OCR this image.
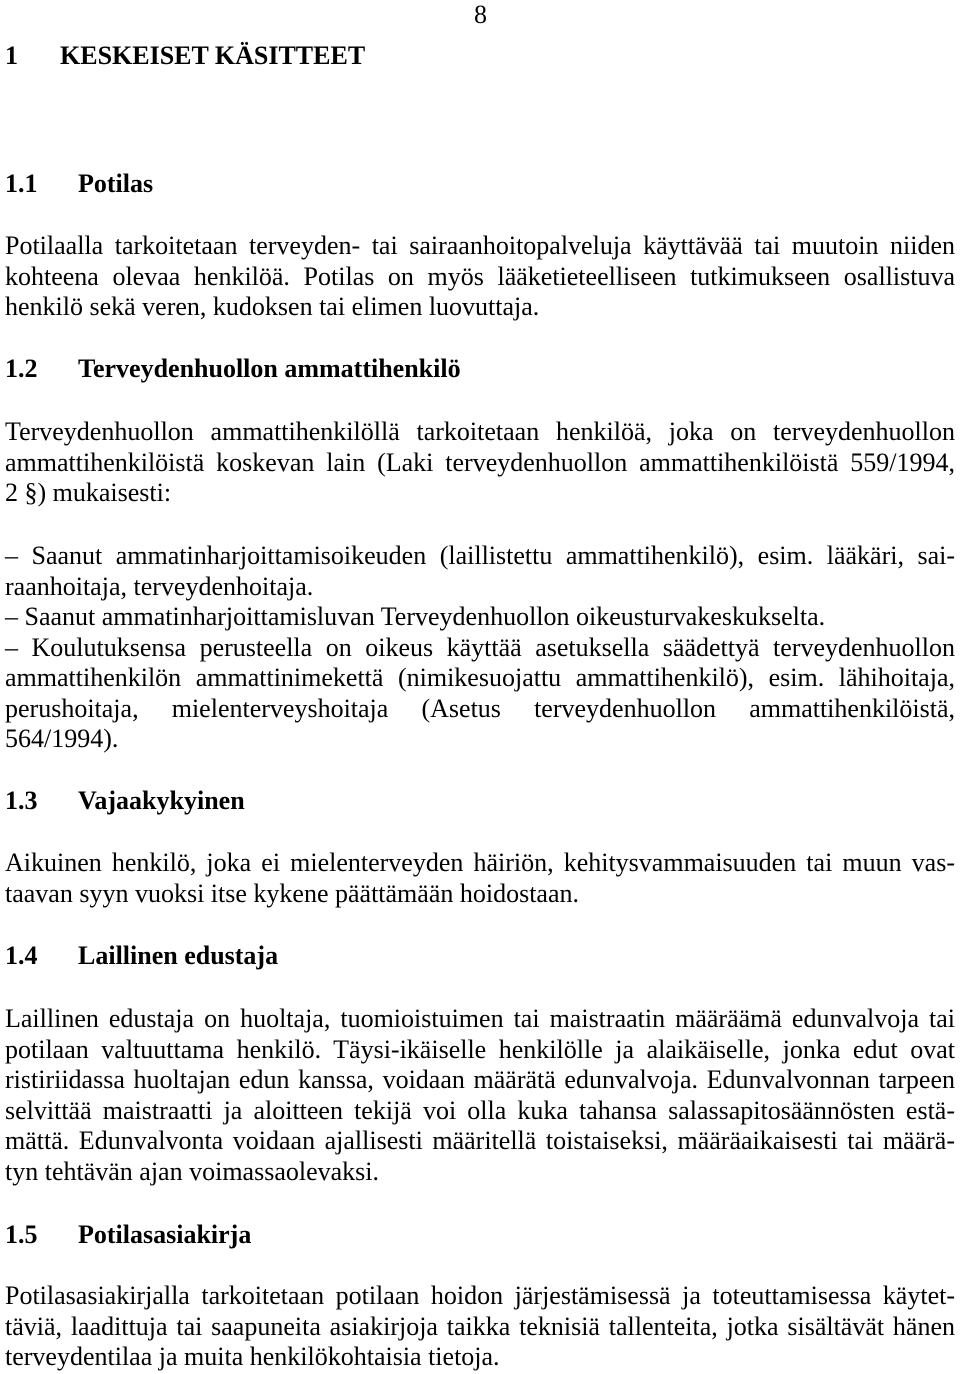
8
1 KESKEISET KÄSITTEET
1.1 Potilas
Potilaalla tarkoitetaan terveyden- tai sairaanhoitopalveluja käyttävää tai muutoin niiden
kohteena olevaa henkilöä. Potilas on myös lääketieteelliseen tutkimukseen osallistuva
henkilö sekä veren, kudoksen tai elimen luovuttaja.
1.2 Terveydenhuollon ammattihenkilö
Terveydenhuollon ammattihenkilöllä tarkoitetaan henkilöä, joka on terveydenhuollon
ammattihenkilöistä koskevan lain (Laki terveydenhuollon ammattihenkilöistä 559/1994,
2 §) mukaisesti:
– Saanut ammatinharjoittamisoikeuden (laillistettu ammattihenkilö), esim. lääkäri, sai-
raanhoitaja, terveydenhoitaja.
– Saanut ammatinharjoittamisluvan Terveydenhuollon oikeusturvakeskukselta.
– Koulutuksensa perusteella on oikeus käyttää asetuksella säädettyä terveydenhuollon
ammattihenkilön ammattinimekettä (nimikesuojattu ammattihenkilö), esim. lähihoitaja,
perushoitaja, mielenterveyshoitaja (Asetus terveydenhuollon ammattihenkilöistä,
564/1994).
1.3 Vajaakykyinen
Aikuinen henkilö, joka ei mielenterveyden häiriön, kehitysvammaisuuden tai muun vas-
taavan syyn vuoksi itse kykene päättämään hoidostaan.
1.4 Laillinen edustaja
Laillinen edustaja on huoltaja, tuomioistuimen tai maistraatin määräämä edunvalvoja tai
potilaan valtuuttama henkilö. Täysi-ikäiselle henkilölle ja alaikäiselle, jonka edut ovat
ristiriidassa huoltajan edun kanssa, voidaan määrätä edunvalvoja. Edunvalvonnan tarpeen
selvittää maistraatti ja aloitteen tekijä voi olla kuka tahansa salassapitosäännösten estä-
mättä. Edunvalvonta voidaan ajallisesti määritellä toistaiseksi, määräaikaisesti tai määrä-
tyn tehtävän ajan voimassaolevaksi.
1.5 Potilasasiakirja
Potilasasiakirjalla tarkoitetaan potilaan hoidon järjestämisessä ja toteuttamisessa käytet-
täviä, laadittuja tai saapuneita asiakirjoja taikka teknisiä tallenteita, jotka sisältävät hänen
terveydentilaa ja muita henkilökohtaisia tietoja.
